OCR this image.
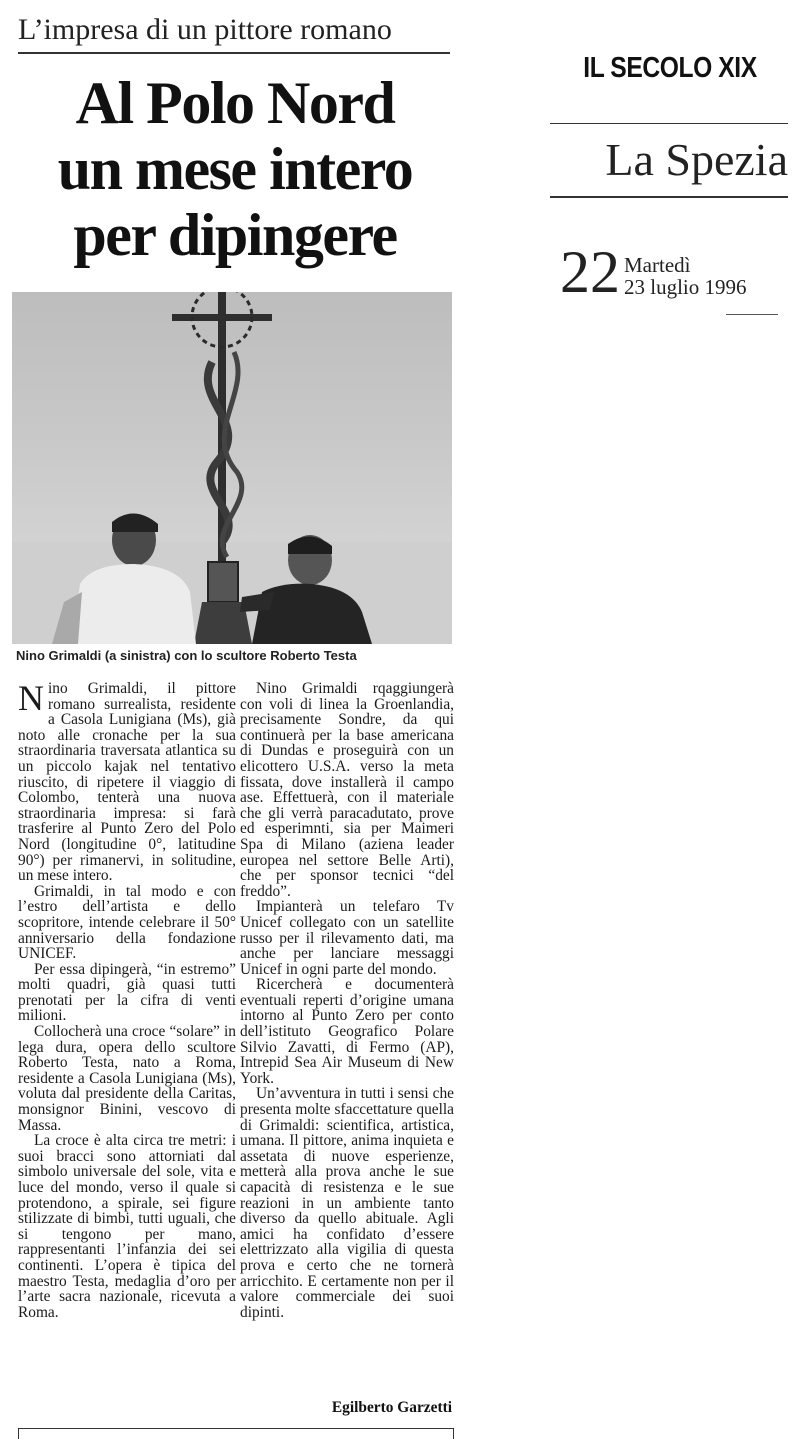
L’impresa di un pittore romano
Al Polo Nord
un mese intero
per dipingere
IL SECOLO XIX
La Spezia
22 Martedì
23 luglio 1996
Nino Grimaldi (a sinistra) con lo scultore Roberto Testa

Nino Grimaldi, il pittore romano surrealista, residente a Casola Lunigiana (Ms), già noto alle cronache per la sua straordinaria traversata atlantica su un piccolo kajak nel tentativo riuscito, di ripetere il viaggio di Colombo, tenterà una nuova straordinaria impresa: si farà trasferire al Punto Zero del Polo Nord (longitudine 0°, latitudine 90°) per rimanervi, in solitudine, un mese intero.

Grimaldi, in tal modo e con l’estro dell’artista e dello scopritore, intende celebrare il 50° anniversario della fondazione UNICEF.

Per essa dipingerà, “in estremo” molti quadri, già quasi tutti prenotati per la cifra di venti milioni.

Collocherà una croce “solare” in lega dura, opera dello scultore Roberto Testa, nato a Roma, residente a Casola Lunigiana (Ms), voluta dal presidente della Caritas, monsignor Binini, vescovo di Massa.

La croce è alta circa tre metri: i suoi bracci sono attorniati dal simbolo universale del sole, vita e luce del mondo, verso il quale si protendono, a spirale, sei figure stilizzate di bimbi, tutti uguali, che si tengono per mano, rappresentanti l’infanzia dei sei continenti. L’opera è tipica del maestro Testa, medaglia d’oro per l’arte sacra nazionale, ricevuta a Roma.

Nino Grimaldi rqaggiungerà con voli di linea la Groenlandia, precisamente Sondre, da qui continuerà per la base americana di Dundas e proseguirà con un elicottero U.S.A. verso la meta fissata, dove installerà il campo ase. Effettuerà, con il materiale che gli verrà paracadutato, prove ed esperimnti, sia per Maimeri Spa di Milano (aziena leader europea nel settore Belle Arti), che per sponsor tecnici “del freddo”.

Impianterà un telefaro Tv Unicef collegato con un satellite russo per il rilevamento dati, ma anche per lanciare messaggi Unicef in ogni parte del mondo.

Ricercherà e documenterà eventuali reperti d’origine umana intorno al Punto Zero per conto dell’istituto Geografico Polare Silvio Zavatti, di Fermo (AP), Intrepid Sea Air Museum di New York.

Un’avventura in tutti i sensi che presenta molte sfaccettature quella di Grimaldi: scientifica, artistica, umana. Il pittore, anima inquieta e assetata di nuove esperienze, metterà alla prova anche le sue capacità di resistenza e le sue reazioni in un ambiente tanto diverso da quello abituale. Agli amici ha confidato d’essere elettrizzato alla vigilia di questa prova e certo che ne tornerà arricchito. E certamente non per il valore commerciale dei suoi dipinti.

Egilberto Garzetti
